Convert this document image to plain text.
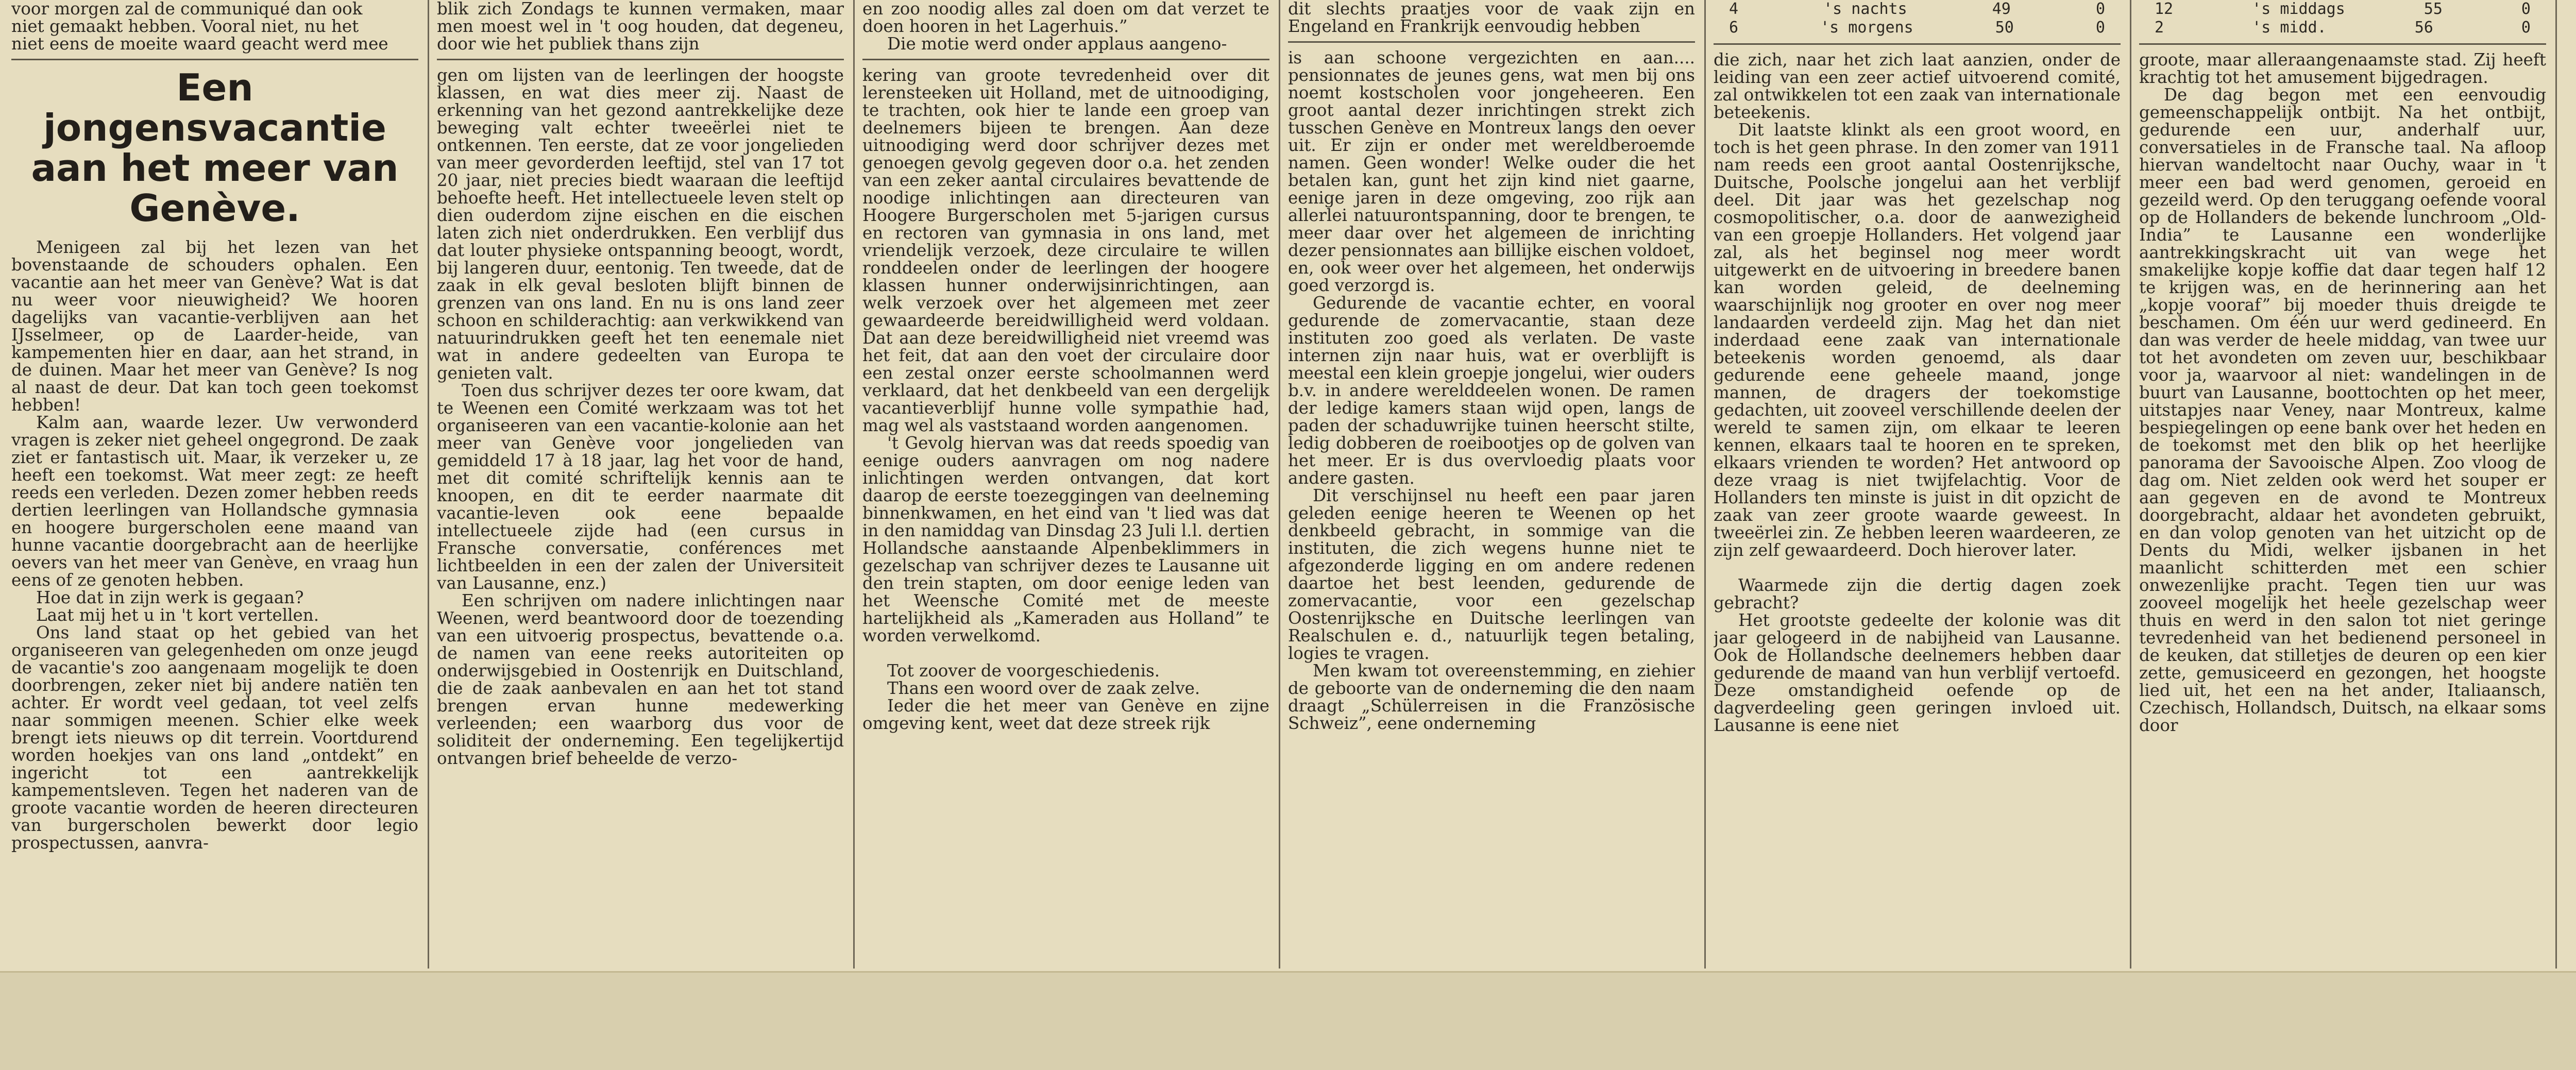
voor morgen zal de communiqué dan ook

niet gemaakt hebben. Vooral niet, nu het

niet eens de moeite waard geacht werd mee

Een jongensvacantie aan het meer van Genève.

Menigeen zal bij het lezen van het bovenstaande de schouders ophalen. Een vacantie aan het meer van Genève? Wat is dat nu weer voor nieuwigheid? We hooren dagelijks van vacantie-verblijven aan het IJsselmeer, op de Laarder-heide, van kampementen hier en daar, aan het strand, in de duinen. Maar het meer van Genève? Is nog al naast de deur. Dat kan toch geen toekomst hebben!

Kalm aan, waarde lezer. Uw verwonderd vragen is zeker niet geheel ongegrond. De zaak ziet er fantastisch uit. Maar, ik verzeker u, ze heeft een toekomst. Wat meer zegt: ze heeft reeds een verleden. Dezen zomer hebben reeds dertien leerlingen van Hollandsche gymnasia en hoogere burgerscholen eene maand van hunne vacantie doorgebracht aan de heerlijke oevers van het meer van Genève, en vraag hun eens of ze genoten hebben.

Hoe dat in zijn werk is gegaan?

Laat mij het u in 't kort vertellen.

Ons land staat op het gebied van het organiseeren van gelegenheden om onze jeugd de vacantie's zoo aangenaam mogelijk te doen doorbrengen, zeker niet bij andere natiën ten achter. Er wordt veel gedaan, tot veel zelfs naar sommigen meenen. Schier elke week brengt iets nieuws op dit terrein. Voortdurend worden hoekjes van ons land „ontdekt” en ingericht tot een aantrekkelijk kampementsleven. Tegen het naderen van de groote vacantie worden de heeren directeuren van burgerscholen bewerkt door legio prospectussen, aanvra-

blik zich Zondags te kunnen vermaken, maar men moest wel in 't oog houden, dat degeneu, door wie het publiek thans zijn

gen om lijsten van de leerlingen der hoogste klassen, en wat dies meer zij. Naast de erkenning van het gezond aantrekkelijke deze beweging valt echter tweeërlei niet te ontkennen. Ten eerste, dat ze voor jongelieden van meer gevorderden leeftijd, stel van 17 tot 20 jaar, niet precies biedt waaraan die leeftijd behoefte heeft. Het intellectueele leven stelt op dien ouderdom zijne eischen en die eischen laten zich niet onderdrukken. Een verblijf dus dat louter physieke ontspanning beoogt, wordt, bij langeren duur, eentonig. Ten tweede, dat de zaak in elk geval besloten blijft binnen de grenzen van ons land. En nu is ons land zeer schoon en schilderachtig: aan verkwikkend van natuurindrukken geeft het ten eenemale niet wat in andere gedeelten van Europa te genieten valt.

Toen dus schrijver dezes ter oore kwam, dat te Weenen een Comité werkzaam was tot het organiseeren van een vacantie-kolonie aan het meer van Genève voor jongelieden van gemiddeld 17 à 18 jaar, lag het voor de hand, met dit comité schriftelijk kennis aan te knoopen, en dit te eerder naarmate dit vacantie-leven ook eene bepaalde intellectueele zijde had (een cursus in Fransche conversatie, conférences met lichtbeelden in een der zalen der Universiteit van Lausanne, enz.)

Een schrijven om nadere inlichtingen naar Weenen, werd beantwoord door de toezending van een uitvoerig prospectus, bevattende o.a. de namen van eene reeks autoriteiten op onderwijsgebied in Oostenrijk en Duitschland, die de zaak aanbevalen en aan het tot stand brengen ervan hunne medewerking verleenden; een waarborg dus voor de soliditeit der onderneming. Een tegelijkertijd ontvangen brief beheelde de verzo-

en zoo noodig alles zal doen om dat verzet te doen hooren in het Lagerhuis.”

Die motie werd onder applaus aangeno-

kering van groote tevredenheid over dit lerensteeken uit Holland, met de uitnoodiging, te trachten, ook hier te lande een groep van deelnemers bijeen te brengen. Aan deze uitnoodiging werd door schrijver dezes met genoegen gevolg gegeven door o.a. het zenden van een zeker aantal circulaires bevattende de noodige inlichtingen aan directeuren van Hoogere Burgerscholen met 5-jarigen cursus en rectoren van gymnasia in ons land, met vriendelijk verzoek, deze circulaire te willen ronddeelen onder de leerlingen der hoogere klassen hunner onderwijsinrichtingen, aan welk verzoek over het algemeen met zeer gewaardeerde bereidwilligheid werd voldaan. Dat aan deze bereidwilligheid niet vreemd was het feit, dat aan den voet der circulaire door een zestal onzer eerste schoolmannen werd verklaard, dat het denkbeeld van een dergelijk vacantieverblijf hunne volle sympathie had, mag wel als vaststaand worden aangenomen.

't Gevolg hiervan was dat reeds spoedig van eenige ouders aanvragen om nog nadere inlichtingen werden ontvangen, dat kort daarop de eerste toezeggingen van deelneming binnenkwamen, en het eind van 't lied was dat in den namiddag van Dinsdag 23 Juli l.l. dertien Hollandsche aanstaande Alpenbeklimmers in gezelschap van schrijver dezes te Lausanne uit den trein stapten, om door eenige leden van het Weensche Comité met de meeste hartelijkheid als „Kameraden aus Holland” te worden verwelkomd.

Tot zoover de voorgeschiedenis.

Thans een woord over de zaak zelve.

Ieder die het meer van Genève en zijne omgeving kent, weet dat deze streek rijk

dit slechts praatjes voor de vaak zijn en Engeland en Frankrijk eenvoudig hebben

is aan schoone vergezichten en aan.... pensionnates de jeunes gens, wat men bij ons noemt kostscholen voor jongeheeren. Een groot aantal dezer inrichtingen strekt zich tusschen Genève en Montreux langs den oever uit. Er zijn er onder met wereldberoemde namen. Geen wonder! Welke ouder die het betalen kan, gunt het zijn kind niet gaarne, eenige jaren in deze omgeving, zoo rijk aan allerlei natuurontspanning, door te brengen, te meer daar over het algemeen de inrichting dezer pensionnates aan billijke eischen voldoet, en, ook weer over het algemeen, het onderwijs goed verzorgd is.

Gedurende de vacantie echter, en vooral gedurende de zomervacantie, staan deze instituten zoo goed als verlaten. De vaste internen zijn naar huis, wat er overblijft is meestal een klein groepje jongelui, wier ouders b.v. in andere werelddeelen wonen. De ramen der ledige kamers staan wijd open, langs de paden der schaduwrijke tuinen heerscht stilte, ledig dobberen de roeibootjes op de golven van het meer. Er is dus overvloedig plaats voor andere gasten.

Dit verschijnsel nu heeft een paar jaren geleden eenige heeren te Weenen op het denkbeeld gebracht, in sommige van die instituten, die zich wegens hunne niet te afgezonderde ligging en om andere redenen daartoe het best leenden, gedurende de zomervacantie, voor een gezelschap Oostenrijksche en Duitsche leerlingen van Realschulen e. d., natuurlijk tegen betaling, logies te vragen.

Men kwam tot overeenstemming, en ziehier de geboorte van de onderneming die den naam draagt „Schülerreisen in die Französische Schweiz”, eene onderneming

4	's nachts	49	0
6	's morgens	50	0

die zich, naar het zich laat aanzien, onder de leiding van een zeer actief uitvoerend comité, zal ontwikkelen tot een zaak van internationale beteekenis.

Dit laatste klinkt als een groot woord, en toch is het geen phrase. In den zomer van 1911 nam reeds een groot aantal Oostenrijksche, Duitsche, Poolsche jongelui aan het verblijf deel. Dit jaar was het gezelschap nog cosmopolitischer, o.a. door de aanwezigheid van een groepje Hollanders. Het volgend jaar zal, als het beginsel nog meer wordt uitgewerkt en de uitvoering in breedere banen kan worden geleid, de deelneming waarschijnlijk nog grooter en over nog meer landaarden verdeeld zijn. Mag het dan niet inderdaad eene zaak van internationale beteekenis worden genoemd, als daar gedurende eene geheele maand, jonge mannen, de dragers der toekomstige gedachten, uit zooveel verschillende deelen der wereld te samen zijn, om elkaar te leeren kennen, elkaars taal te hooren en te spreken, elkaars vrienden te worden? Het antwoord op deze vraag is niet twijfelachtig. Voor de Hollanders ten minste is juist in dit opzicht de zaak van zeer groote waarde geweest. In tweeërlei zin. Ze hebben leeren waardeeren, ze zijn zelf gewaardeerd. Doch hierover later.

Waarmede zijn die dertig dagen zoek gebracht?

Het grootste gedeelte der kolonie was dit jaar gelogeerd in de nabijheid van Lausanne. Ook de Hollandsche deelnemers hebben daar gedurende de maand van hun verblijf vertoefd. Deze omstandigheid oefende op de dagverdeeling geen geringen invloed uit. Lausanne is eene niet

12	's middags	55	0
2	's midd.	56	0

groote, maar alleraangenaamste stad. Zij heeft krachtig tot het amusement bijgedragen.

De dag begon met een eenvoudig gemeenschappelijk ontbijt. Na het ontbijt, gedurende een uur, anderhalf uur, conversatieles in de Fransche taal. Na afloop hiervan wandeltocht naar Ouchy, waar in 't meer een bad werd genomen, geroeid en gezeild werd. Op den teruggang oefende vooral op de Hollanders de bekende lunchroom „Old-India” te Lausanne een wonderlijke aantrekkingskracht uit van wege het smakelijke kopje koffie dat daar tegen half 12 te krijgen was, en de herinnering aan het „kopje vooraf” bij moeder thuis dreigde te beschamen. Om één uur werd gedineerd. En dan was verder de heele middag, van twee uur tot het avondeten om zeven uur, beschikbaar voor ja, waarvoor al niet: wandelingen in de buurt van Lausanne, boottochten op het meer, uitstapjes naar Veney, naar Montreux, kalme bespiegelingen op eene bank over het heden en de toekomst met den blik op het heerlijke panorama der Savooische Alpen. Zoo vloog de dag om. Niet zelden ook werd het souper er aan gegeven en de avond te Montreux doorgebracht, aldaar het avondeten gebruikt, en dan volop genoten van het uitzicht op de Dents du Midi, welker ijsbanen in het maanlicht schitterden met een schier onwezenlijke pracht. Tegen tien uur was zooveel mogelijk het heele gezelschap weer thuis en werd in den salon tot niet geringe tevredenheid van het bedienend personeel in de keuken, dat stilletjes de deuren op een kier zette, gemusiceerd en gezongen, het hoogste lied uit, het een na het ander, Italiaansch, Czechisch, Hollandsch, Duitsch, na elkaar soms door
